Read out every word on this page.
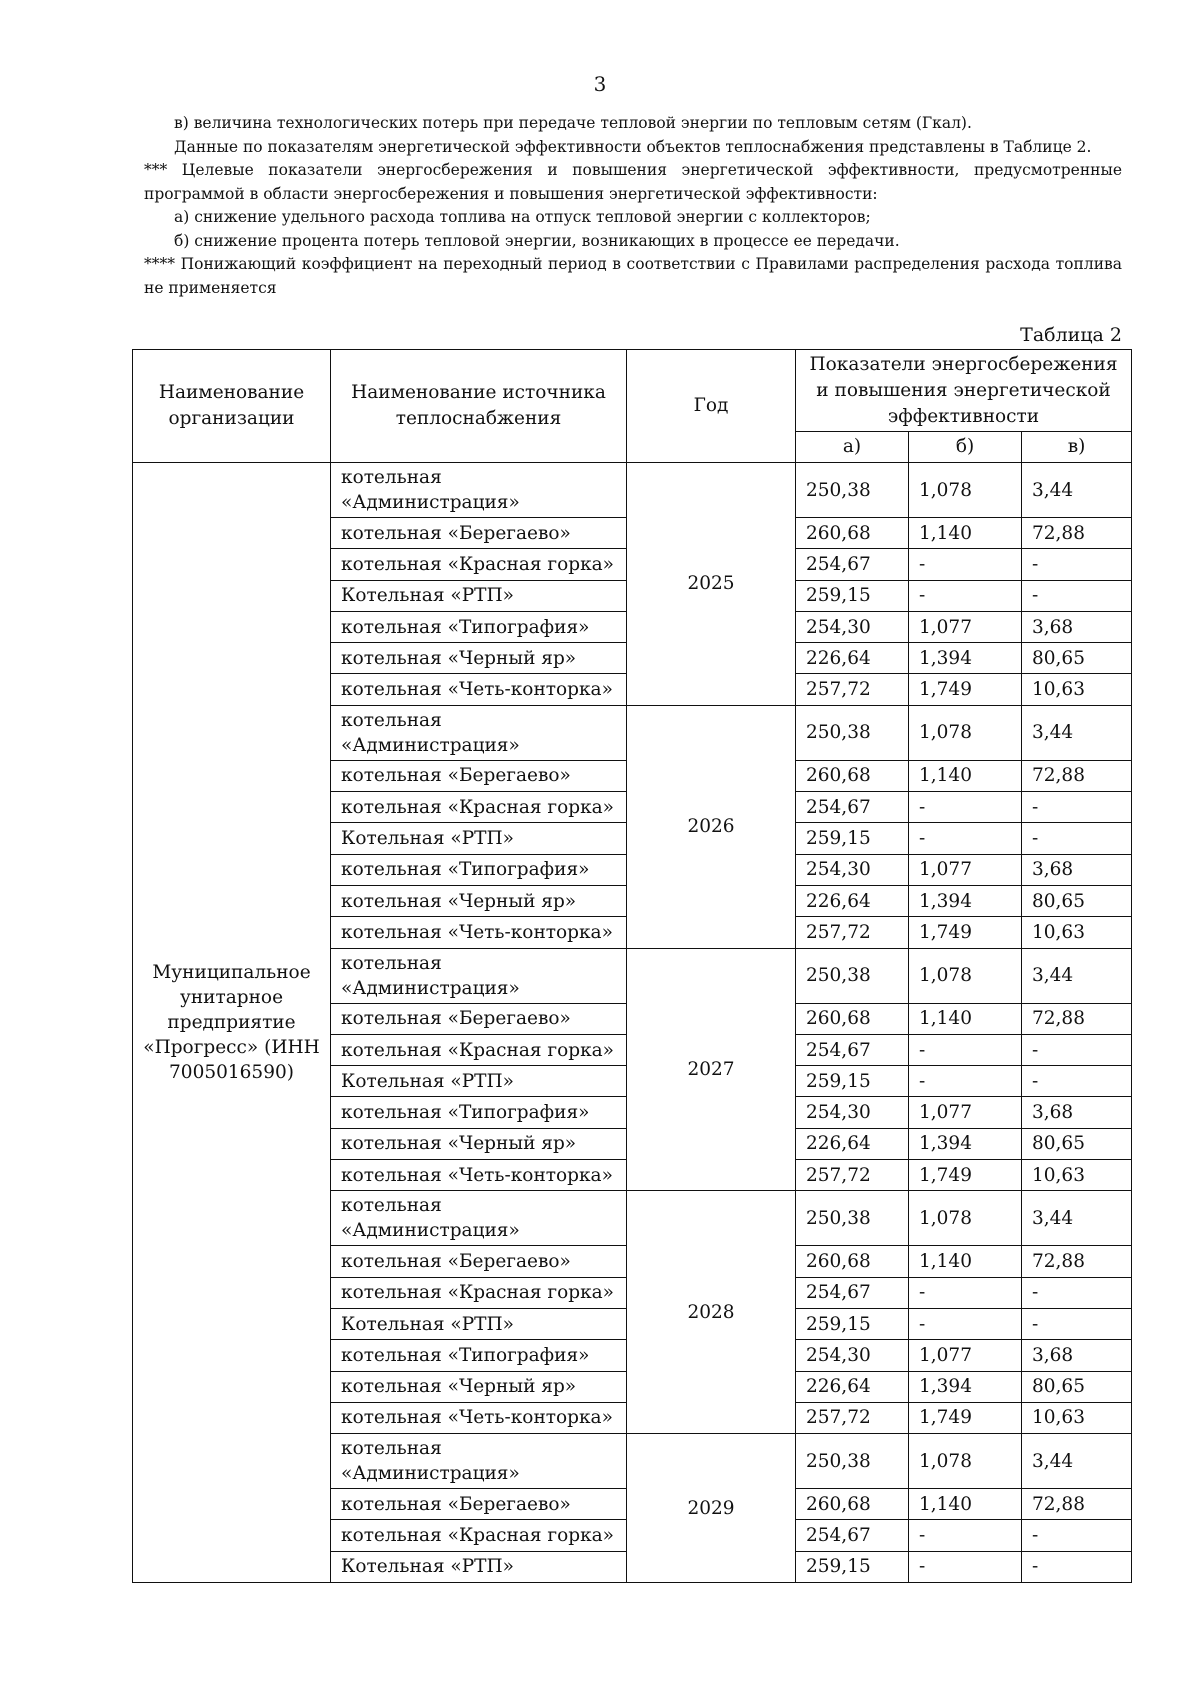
3

в) величина технологических потерь при передаче тепловой энергии по тепловым сетям (Гкал).

Данные по показателям энергетической эффективности объектов теплоснабжения представлены в Таблице 2.

*** Целевые показатели энергосбережения и повышения энергетической эффективности, предусмотренные программой в области энергосбережения и повышения энергетической эффективности:

а) снижение удельного расхода топлива на отпуск тепловой энергии с коллекторов;

б) снижение процента потерь тепловой энергии, возникающих в процессе ее передачи.

**** Понижающий коэффициент на переходный период в соответствии с Правилами распределения расхода топлива не применяется

Таблица 2
Наименование организации	Наименование источника теплоснабжения	Год	Показатели энергосбережения и повышения энергетической эффективности		
			а)	б)	в)
Муниципальное унитарное предприятие «Прогресс» (ИНН 7005016590)	котельная «Администрация»	2025	250,38	1,078	3,44
	котельная «Берегаево»		260,68	1,140	72,88
	котельная «Красная горка»		254,67	-	-
	Котельная «РТП»		259,15	-	-
	котельная «Типография»		254,30	1,077	3,68
	котельная «Черный яр»		226,64	1,394	80,65
	котельная «Четь-конторка»		257,72	1,749	10,63
	котельная «Администрация»	2026	250,38	1,078	3,44
	котельная «Берегаево»		260,68	1,140	72,88
	котельная «Красная горка»		254,67	-	-
	Котельная «РТП»		259,15	-	-
	котельная «Типография»		254,30	1,077	3,68
	котельная «Черный яр»		226,64	1,394	80,65
	котельная «Четь-конторка»		257,72	1,749	10,63
	котельная «Администрация»	2027	250,38	1,078	3,44
	котельная «Берегаево»		260,68	1,140	72,88
	котельная «Красная горка»		254,67	-	-
	Котельная «РТП»		259,15	-	-
	котельная «Типография»		254,30	1,077	3,68
	котельная «Черный яр»		226,64	1,394	80,65
	котельная «Четь-конторка»		257,72	1,749	10,63
	котельная «Администрация»	2028	250,38	1,078	3,44
	котельная «Берегаево»		260,68	1,140	72,88
	котельная «Красная горка»		254,67	-	-
	Котельная «РТП»		259,15	-	-
	котельная «Типография»		254,30	1,077	3,68
	котельная «Черный яр»		226,64	1,394	80,65
	котельная «Четь-конторка»		257,72	1,749	10,63
	котельная «Администрация»	2029	250,38	1,078	3,44
	котельная «Берегаево»		260,68	1,140	72,88
	котельная «Красная горка»		254,67	-	-
	Котельная «РТП»		259,15	-	-
